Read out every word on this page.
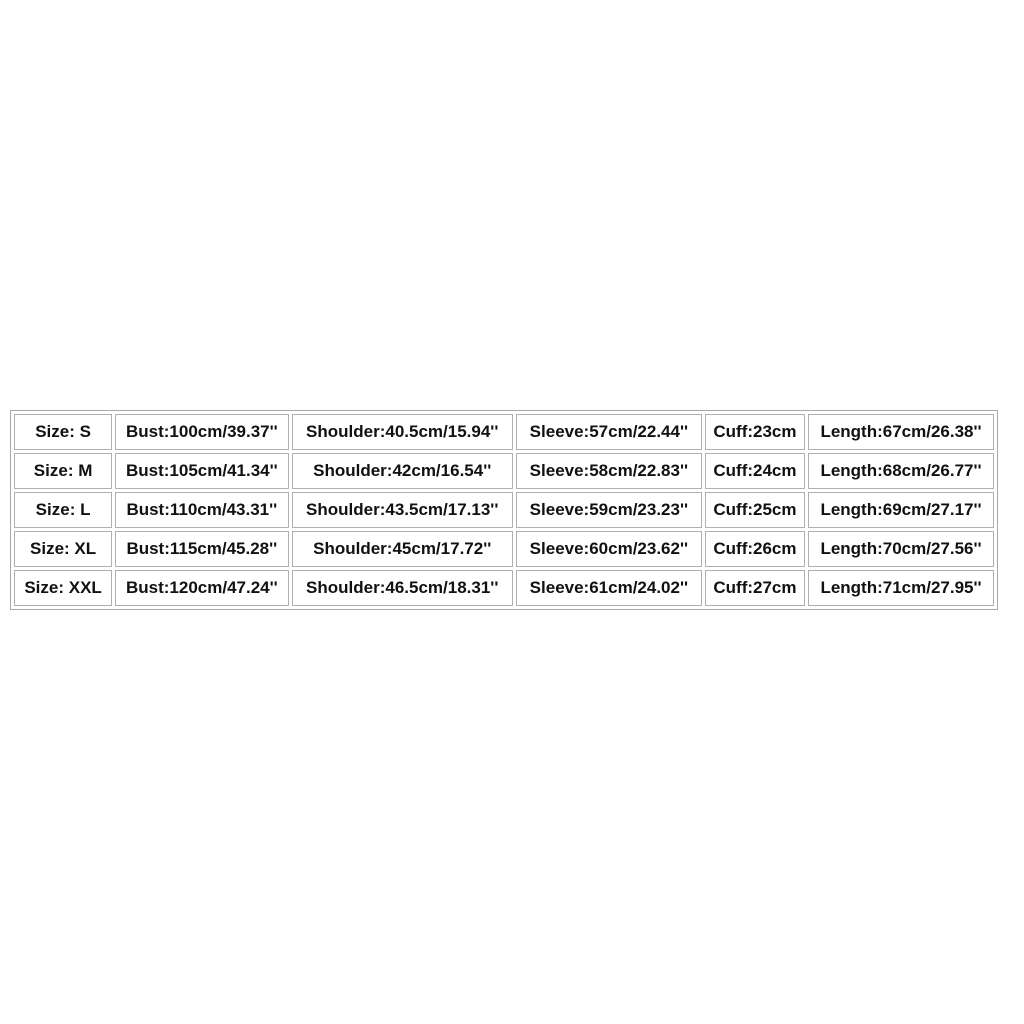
Size: S	Bust:100cm/39.37''	Shoulder:40.5cm/15.94''	Sleeve:57cm/22.44''	Cuff:23cm	Length:67cm/26.38''
Size: M	Bust:105cm/41.34''	Shoulder:42cm/16.54''	Sleeve:58cm/22.83''	Cuff:24cm	Length:68cm/26.77''
Size: L	Bust:110cm/43.31''	Shoulder:43.5cm/17.13''	Sleeve:59cm/23.23''	Cuff:25cm	Length:69cm/27.17''
Size: XL	Bust:115cm/45.28''	Shoulder:45cm/17.72''	Sleeve:60cm/23.62''	Cuff:26cm	Length:70cm/27.56''
Size: XXL	Bust:120cm/47.24''	Shoulder:46.5cm/18.31''	Sleeve:61cm/24.02''	Cuff:27cm	Length:71cm/27.95''
